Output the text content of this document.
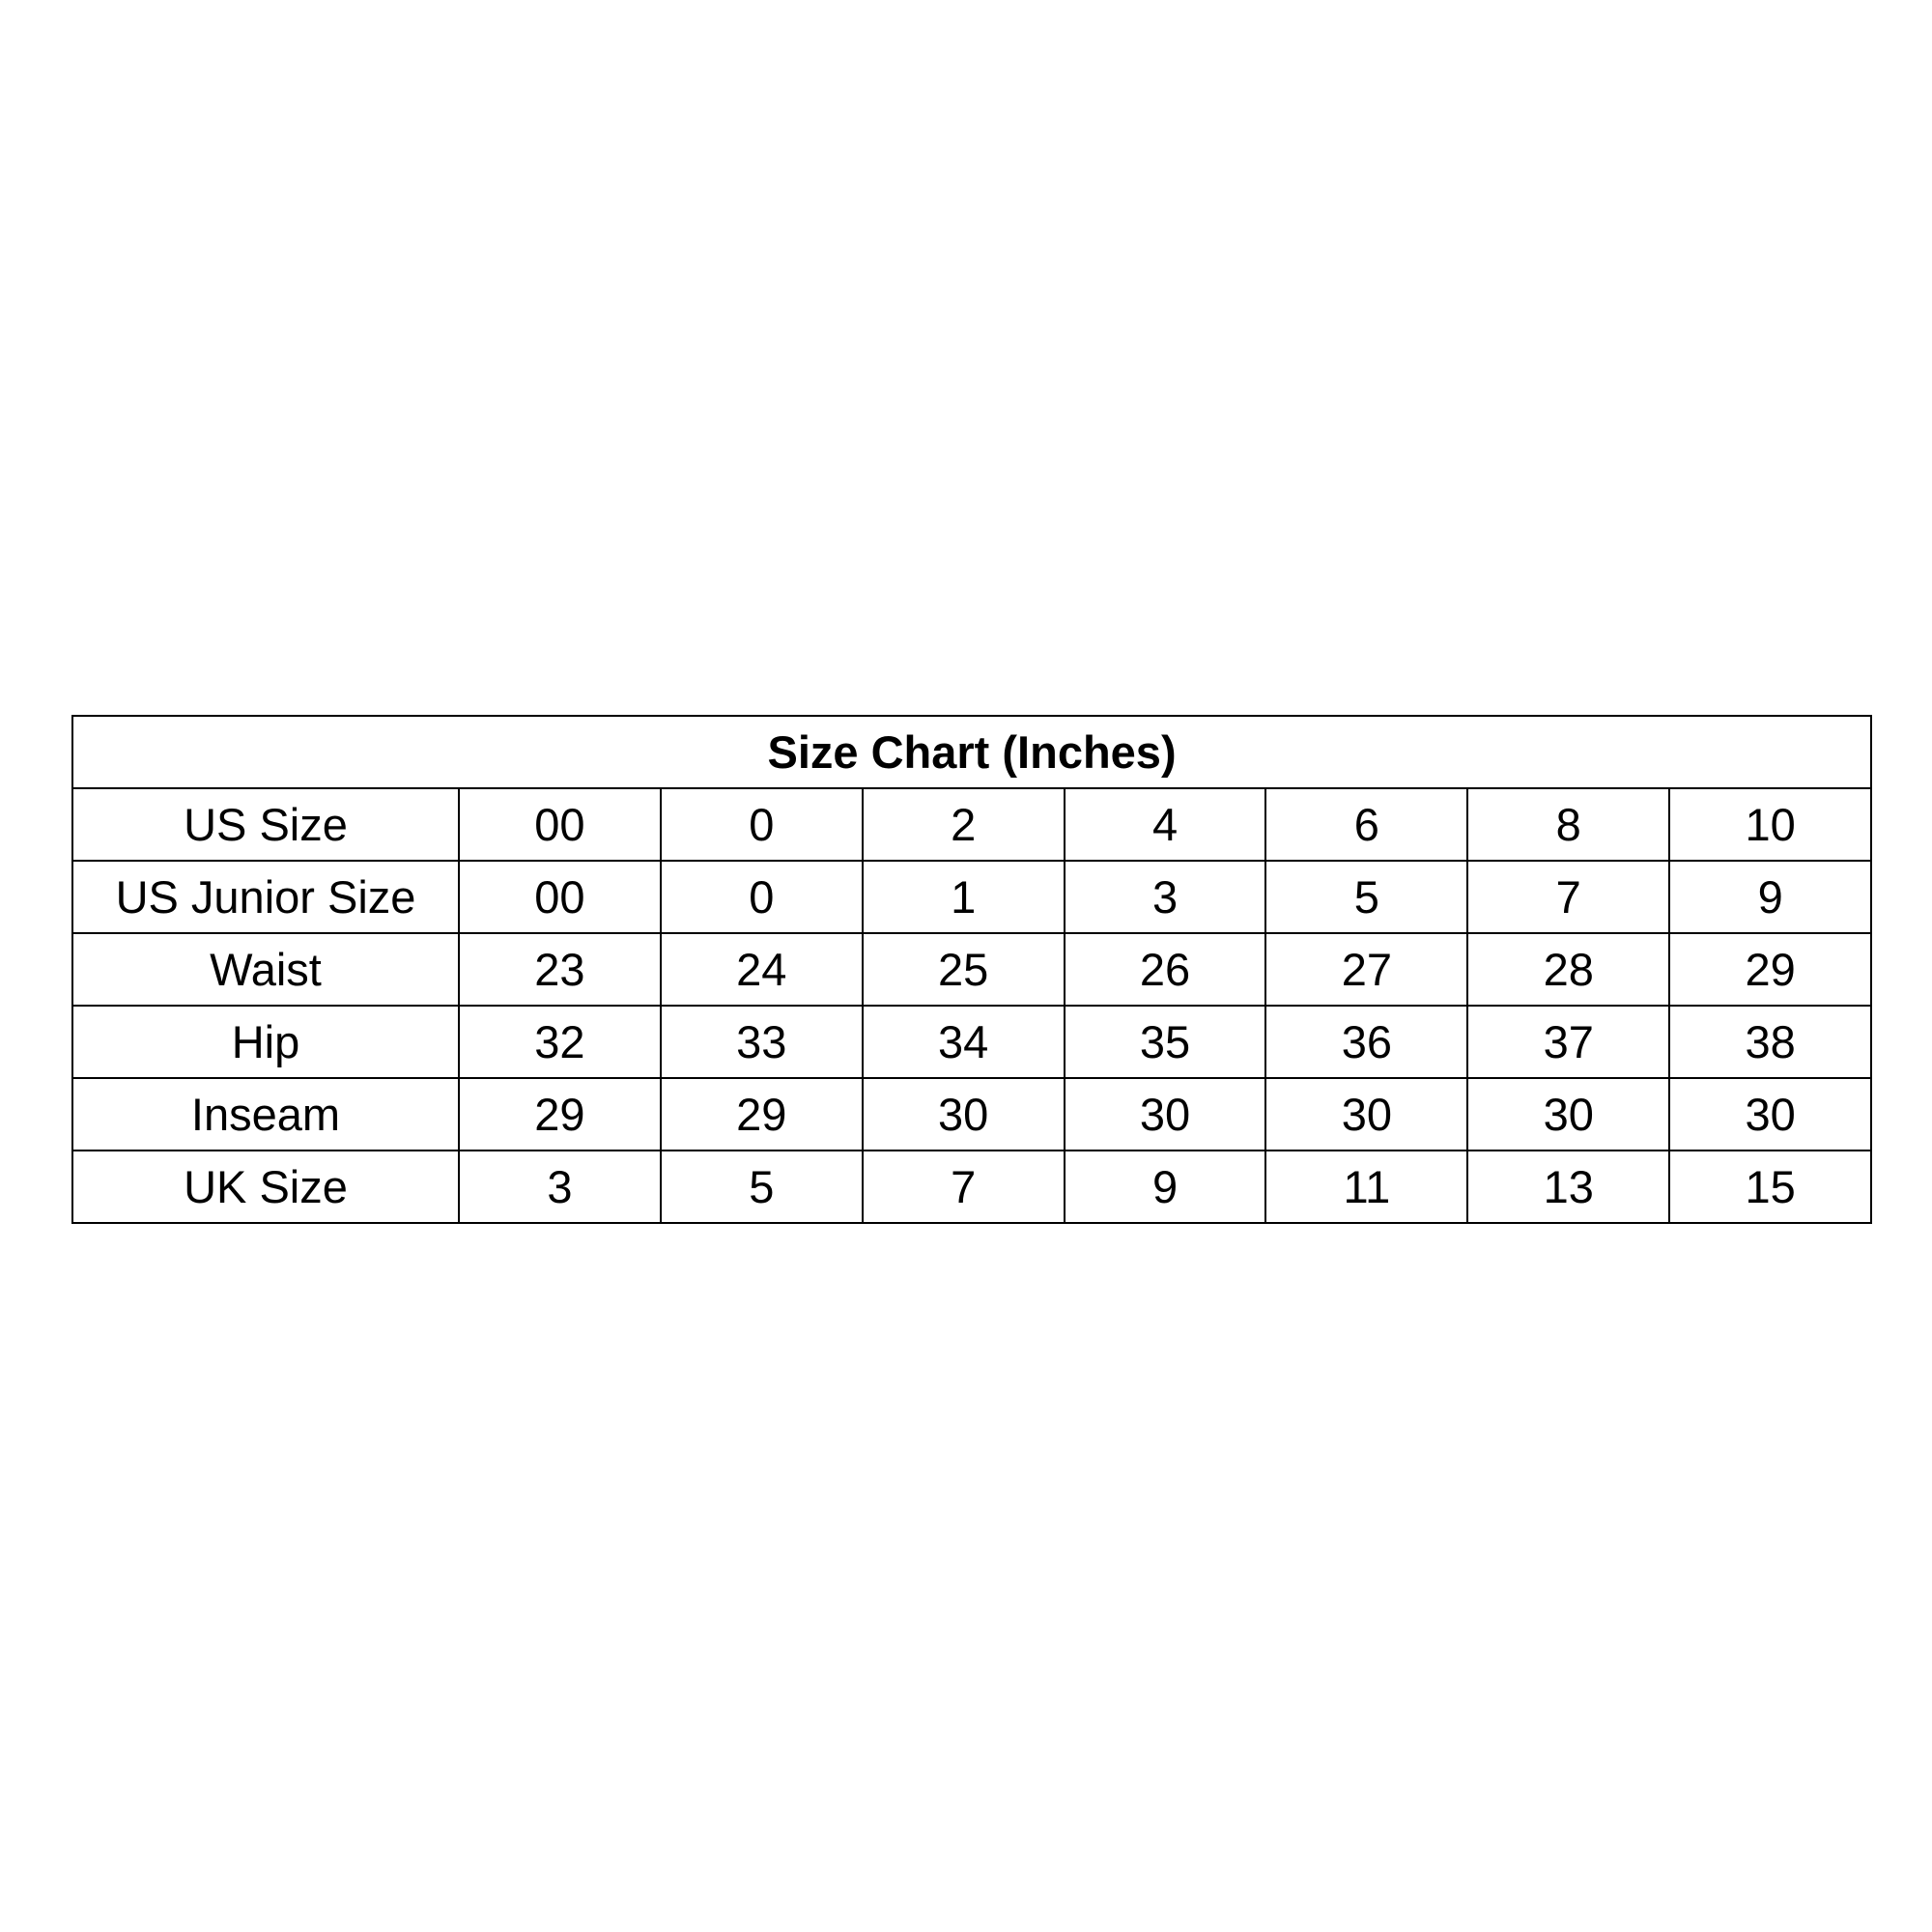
Size Chart (Inches)							
US Size	00	0	2	4	6	8	10
US Junior Size	00	0	1	3	5	7	9
Waist	23	24	25	26	27	28	29
Hip	32	33	34	35	36	37	38
Inseam	29	29	30	30	30	30	30
UK Size	3	5	7	9	11	13	15
